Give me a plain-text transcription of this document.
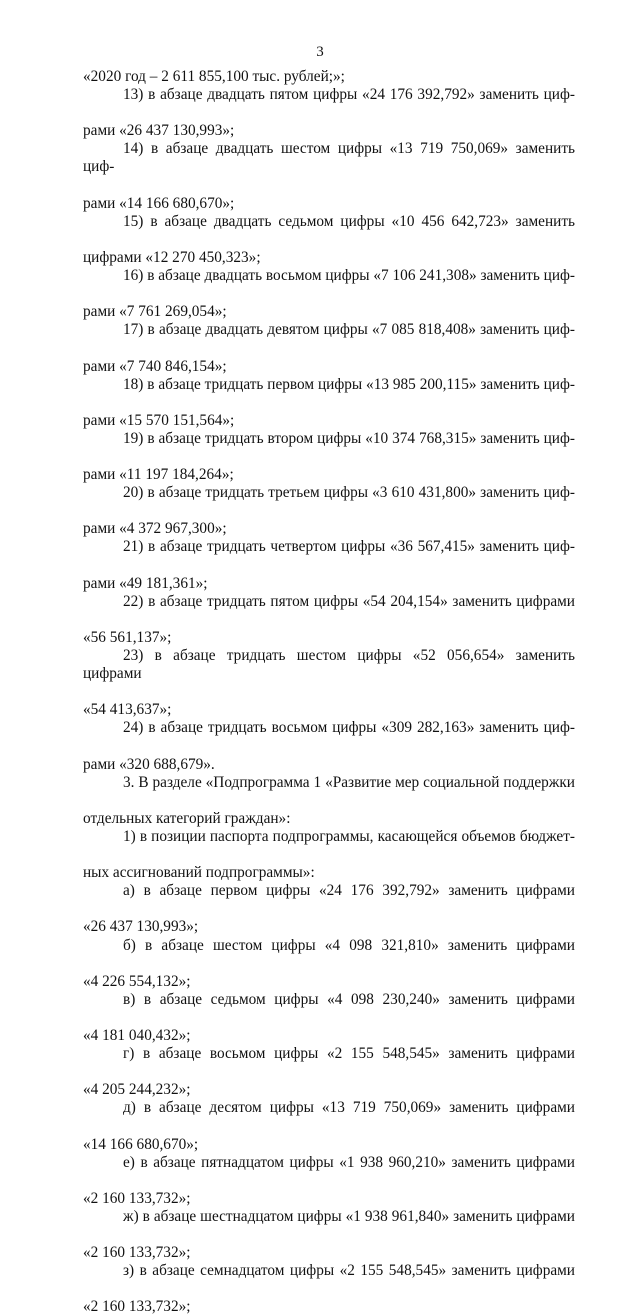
3
«2020 год – 2 611 855,100 тыс. рублей;»;
13) в абзаце двадцать пятом цифры «24 176 392,792» заменить циф-
рами «26 437 130,993»;
14) в абзаце двадцать шестом цифры «13 719 750,069» заменить циф-
рами «14 166 680,670»;
15) в абзаце двадцать седьмом цифры «10 456 642,723» заменить
цифрами «12 270 450,323»;
16) в абзаце двадцать восьмом цифры «7 106 241,308» заменить циф-
рами «7 761 269,054»;
17) в абзаце двадцать девятом цифры «7 085 818,408» заменить циф-
рами «7 740 846,154»;
18) в абзаце тридцать первом цифры «13 985 200,115» заменить циф-
рами «15 570 151,564»;
19) в абзаце тридцать втором цифры «10 374 768,315» заменить циф-
рами «11 197 184,264»;
20) в абзаце тридцать третьем цифры «3 610 431,800» заменить циф-
рами «4 372 967,300»;
21) в абзаце тридцать четвертом цифры «36 567,415» заменить циф-
рами «49 181,361»;
22) в абзаце тридцать пятом цифры «54 204,154» заменить цифрами
«56 561,137»;
23) в абзаце тридцать шестом цифры «52 056,654» заменить цифрами
«54 413,637»;
24) в абзаце тридцать восьмом цифры «309 282,163» заменить циф-
рами «320 688,679».
3. В разделе «Подпрограмма 1 «Развитие мер социальной поддержки
отдельных категорий граждан»:
1) в позиции паспорта подпрограммы, касающейся объемов бюджет-
ных ассигнований подпрограммы»:
а) в абзаце первом цифры «24 176 392,792» заменить цифрами
«26 437 130,993»;
б) в абзаце шестом цифры «4 098 321,810» заменить цифрами
«4 226 554,132»;
в) в абзаце седьмом цифры «4 098 230,240» заменить цифрами
«4 181 040,432»;
г) в абзаце восьмом цифры «2 155 548,545» заменить цифрами
«4 205 244,232»;
д) в абзаце десятом цифры «13 719 750,069» заменить цифрами
«14 166 680,670»;
е) в абзаце пятнадцатом цифры «1 938 960,210» заменить цифрами
«2 160 133,732»;
ж) в абзаце шестнадцатом цифры «1 938 961,840» заменить цифрами
«2 160 133,732»;
з) в абзаце семнадцатом цифры «2 155 548,545» заменить цифрами
«2 160 133,732»;
